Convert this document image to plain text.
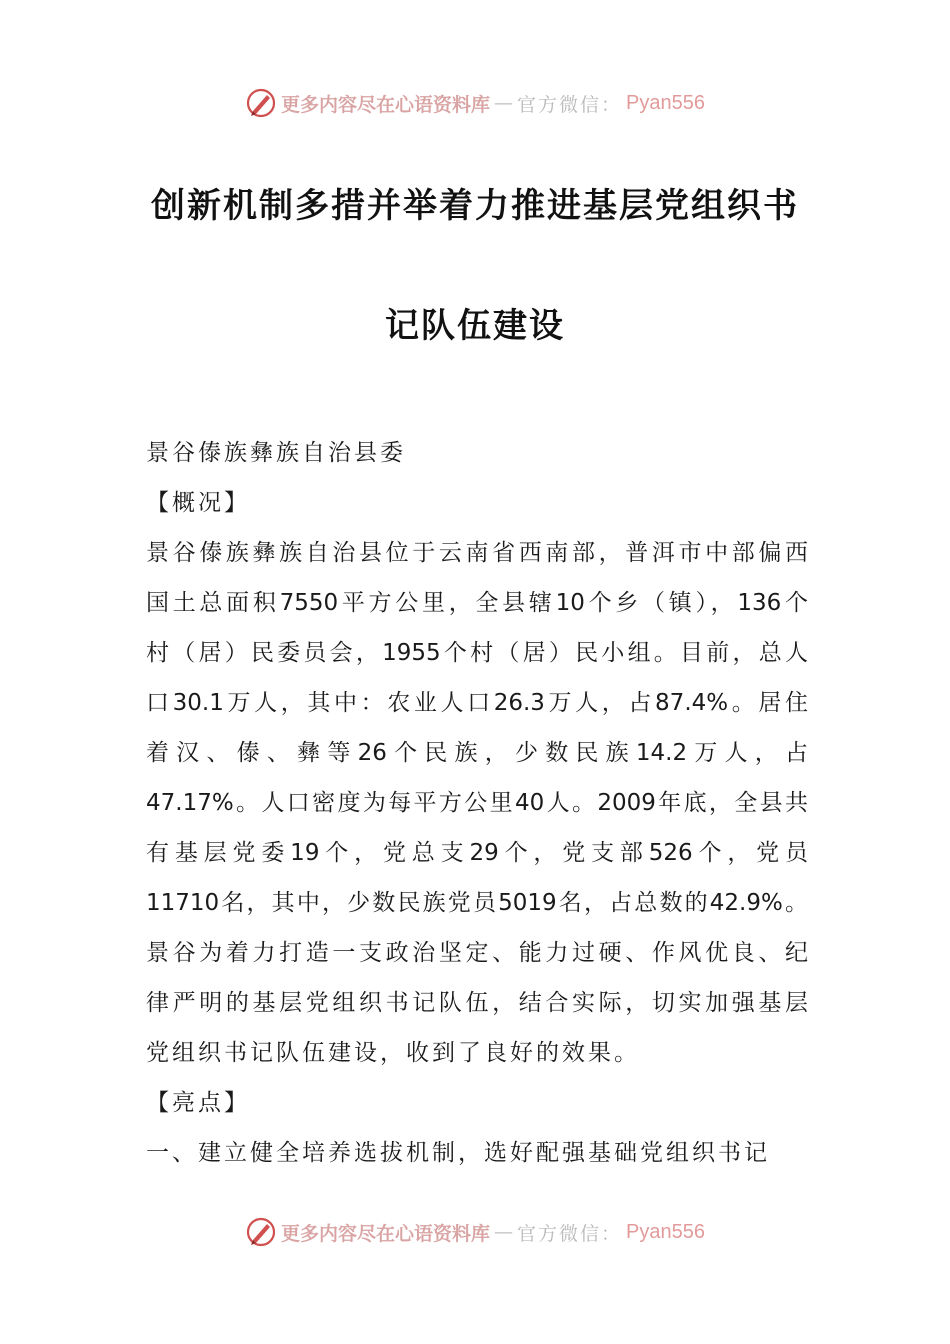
更多内容尽在心语资料库 — 官方微信： Pyan556
创新机制多措并举着力推进基层党组织书
记队伍建设
景谷傣族彝族自治县委
【概况】
景谷傣族彝族自治县位于云南省西南部，普洱市中部偏西
国土总面积7550平方公里，全县辖10个乡（镇），136个
村（居）民委员会，1955个村（居）民小组。目前，总人
口30.1万人，其中：农业人口26.3万人，占87.4%。居住
着汉、傣、彝等26个民族，少数民族14.2万人，占
47.17%。人口密度为每平方公里40人。2009年底，全县共
有基层党委19个，党总支29个，党支部526个，党员
11710名，其中，少数民族党员5019名，占总数的42.9%。
景谷为着力打造一支政治坚定、能力过硬、作风优良、纪
律严明的基层党组织书记队伍，结合实际，切实加强基层
党组织书记队伍建设，收到了良好的效果。
【亮点】
一、建立健全培养选拔机制，选好配强基础党组织书记
更多内容尽在心语资料库 — 官方微信： Pyan556
